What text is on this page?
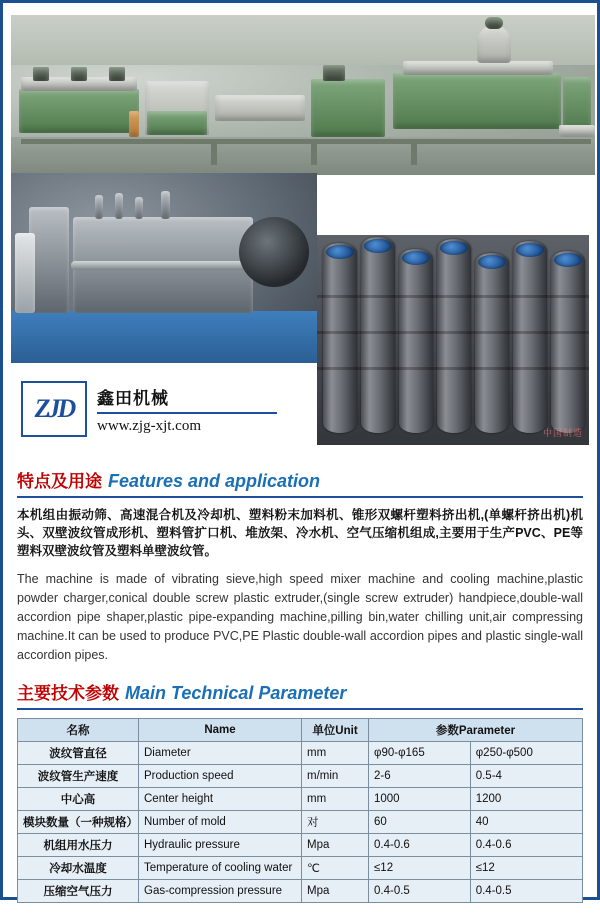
中国制造
ZJD	鑫田机械
www.zjg-xjt.com
特点及用途 Features and application

本机组由振动筛、高速混合机及冷却机、塑料粉末加料机、锥形双螺杆塑料挤出机,(单螺杆挤出机)机头、双壁波纹管成形机、塑料管扩口机、堆放架、冷水机、空气压缩机组成,主要用于生产PVC、PE等塑料双壁波纹管及塑料单壁波纹管。

The machine is made of vibrating sieve,high speed mixer machine and cooling machine,plastic powder charger,conical double screw plastic extruder,(single screw extruder) handpiece,double-wall accordion pipe shaper,plastic pipe-expanding machine,pilling bin,water chilling unit,air compressing machine.It can be used to produce PVC,PE Plastic double-wall accordion pipes and plastic single-wall accordion pipes.

主要技术参数 Main Technical Parameter
名称	Name	单位Unit	参数Parameter	
波纹管直径	Diameter	mm	φ90-φ165	φ250-φ500
波纹管生产速度	Production speed	m/min	2-6	0.5-4
中心高	Center height	mm	1000	1200
模块数量（一种规格）	Number of mold	对	60	40
机组用水压力	Hydraulic pressure	Mpa	0.4-0.6	0.4-0.6
冷却水温度	Temperature of cooling water	℃	≤12	≤12
压缩空气压力	Gas-compression pressure	Mpa	0.4-0.5	0.4-0.5
